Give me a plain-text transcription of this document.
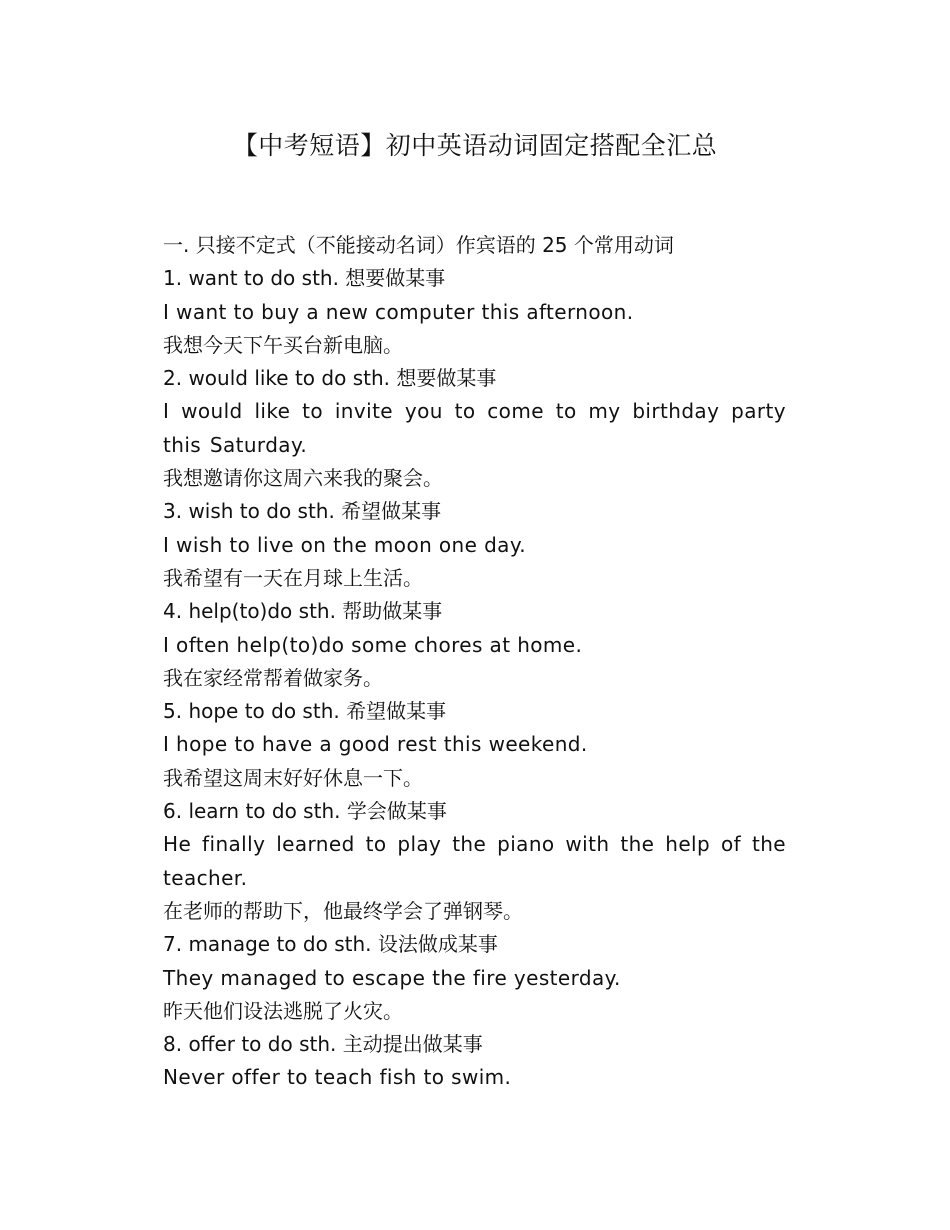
【中考短语】初中英语动词固定搭配全汇总

一. 只接不定式（不能接动名词）作宾语的 25 个常用动词

1. want to do sth. 想要做某事

I want to buy a new computer this afternoon.

我想今天下午买台新电脑。

2. would like to do sth. 想要做某事

I would like to invite you to come to my birthday party this Saturday.

我想邀请你这周六来我的聚会。

3. wish to do sth. 希望做某事

I wish to live on the moon one day.

我希望有一天在月球上生活。

4. help(to)do sth. 帮助做某事

I often help(to)do some chores at home.

我在家经常帮着做家务。

5. hope to do sth. 希望做某事

I hope to have a good rest this weekend.

我希望这周末好好休息一下。

6. learn to do sth. 学会做某事

He finally learned to play the piano with the help of the teacher.

在老师的帮助下，他最终学会了弹钢琴。

7. manage to do sth. 设法做成某事

They managed to escape the fire yesterday.

昨天他们设法逃脱了火灾。

8. offer to do sth. 主动提出做某事

Never offer to teach fish to swim.
